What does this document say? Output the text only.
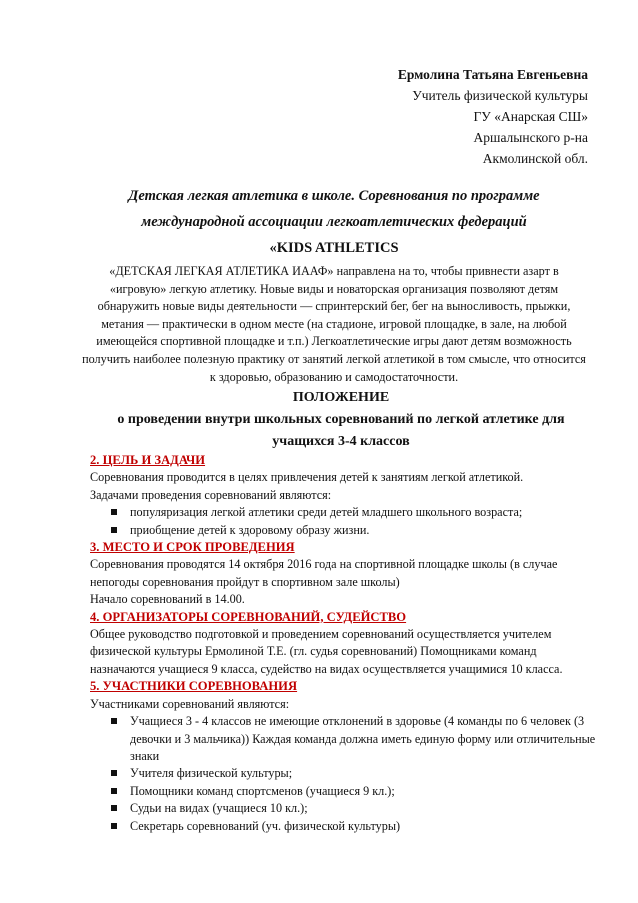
Ермолина Татьяна Евгеньевна
Учитель физической культуры
ГУ «Анарская СШ»
Аршалынского р-на
Акмолинской обл.
Детская легкая атлетика в школе. Соревнования по программе
международной ассоциации легкоатлетических федераций
«KIDS ATHLETICS
«ДЕТСКАЯ ЛЕГКАЯ АТЛЕТИКА ИААФ» направлена на то, чтобы привнести азарт в «игровую» легкую атлетику. Новые виды и новаторская организация позволяют детям обнаружить новые виды деятельности — спринтерский бег, бег на выносливость, прыжки, метания — практически в одном месте (на стадионе, игровой площадке, в зале, на любой имеющейся спортивной площадке и т.п.) Легкоатлетические игры дают детям возможность получить наиболее полезную практику от занятий легкой атлетикой в том смысле, что относится к здоровью, образованию и самодостаточности.
ПОЛОЖЕНИЕ
о проведении внутри школьных соревнований по легкой атлетике для учащихся 3-4 классов
2. ЦЕЛЬ И ЗАДАЧИ

Соревнования проводится в целях привлечения детей к занятиям легкой атлетикой.

Задачами проведения соревнований являются:

популяризация легкой атлетики среди детей младшего школьного возраста;
приобщение детей к здоровому образу жизни.
3. МЕСТО И СРОК ПРОВЕДЕНИЯ

Соревнования проводятся 14 октября 2016 года на спортивной площадке школы (в случае непогоды соревнования пройдут в спортивном зале школы)

Начало соревнований в 14.00.

4. ОРГАНИЗАТОРЫ СОРЕВНОВАНИЙ, СУДЕЙСТВО

Общее руководство подготовкой и проведением соревнований осуществляется учителем физической культуры Ермолиной Т.Е. (гл. судья соревнований) Помощниками команд назначаются учащиеся 9 класса, судейство на видах осуществляется учащимися 10 класса.

5. УЧАСТНИКИ СОРЕВНОВАНИЯ

Участниками соревнований являются:

Учащиеся 3 - 4 классов не имеющие отклонений в здоровье (4 команды по 6 человек (3 девочки и 3 мальчика)) Каждая команда должна иметь единую форму или отличительные знаки
Учителя физической культуры;
Помощники команд спортсменов (учащиеся 9 кл.);
Судьи на видах (учащиеся 10 кл.);
Секретарь соревнований (уч. физической культуры)
